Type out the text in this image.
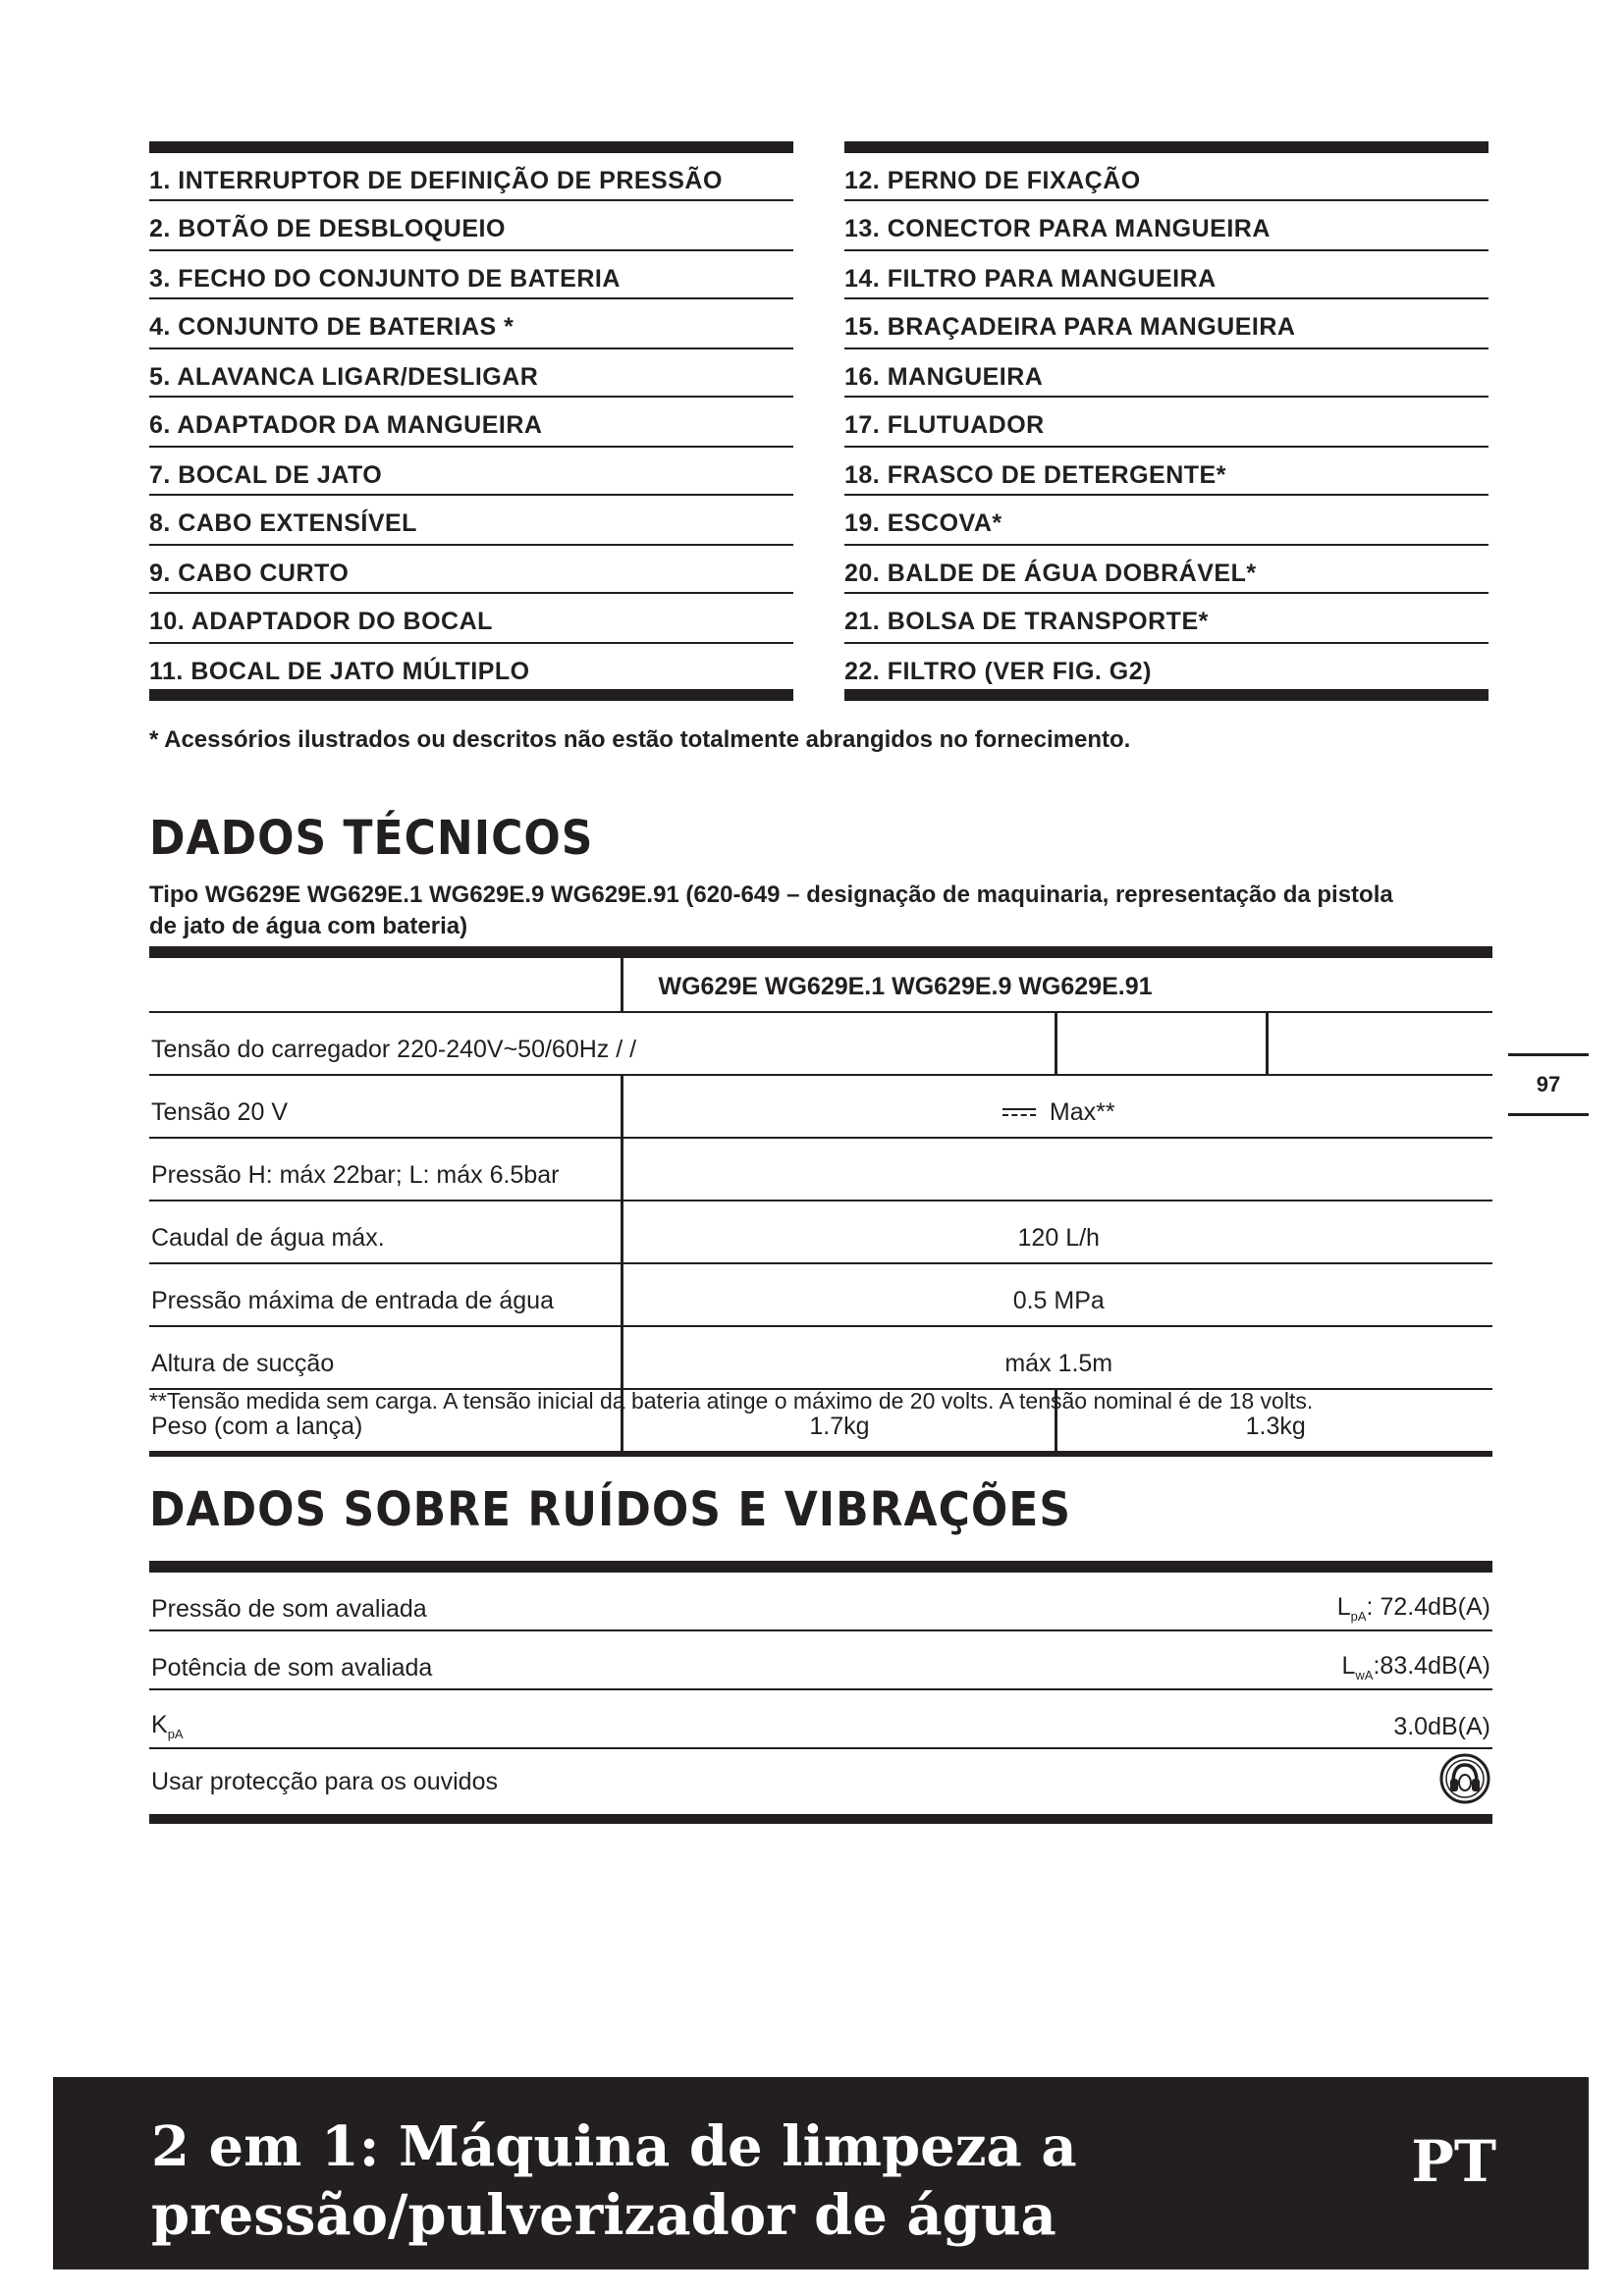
1. INTERRUPTOR DE DEFINIÇÃO DE PRESSÃO
2. BOTÃO DE DESBLOQUEIO
3. FECHO DO CONJUNTO DE BATERIA
4. CONJUNTO DE BATERIAS *
5. ALAVANCA LIGAR/DESLIGAR
6. ADAPTADOR DA MANGUEIRA
7. BOCAL DE JATO
8. CABO EXTENSÍVEL
9. CABO CURTO
10. ADAPTADOR DO BOCAL
11. BOCAL DE JATO MÚLTIPLO
12. PERNO DE FIXAÇÃO
13. CONECTOR PARA MANGUEIRA
14. FILTRO PARA MANGUEIRA
15. BRAÇADEIRA PARA MANGUEIRA
16. MANGUEIRA
17. FLUTUADOR
18. FRASCO DE DETERGENTE*
19. ESCOVA*
20. BALDE DE ÁGUA DOBRÁVEL*
21. BOLSA DE TRANSPORTE*
22. FILTRO (VER FIG. G2)
* Acessórios ilustrados ou descritos não estão totalmente abrangidos no fornecimento.
DADOS TÉCNICOS
Tipo WG629E WG629E.1 WG629E.9 WG629E.91 (620-649 – designação de maquinaria, representação da pistola de jato de água com bateria)
	WG629E WG629E.1 WG629E.9 WG629E.91		
Tensão do carregador 220-240V~50/60Hz / /			
Tensão 20 V	Max**		
Pressão H: máx 22bar; L: máx 6.5bar			
Caudal de água máx.	120 L/h		
Pressão máxima de entrada de água	0.5 MPa		
Altura de sucção	máx 1.5m		
Peso (com a lança)	1.7kg	1.3kg	
**Tensão medida sem carga. A tensão inicial da bateria atinge o máximo de 20 volts. A tensão nominal é de 18 volts.
DADOS SOBRE RUÍDOS E VIBRAÇÕES
Pressão de som avaliada	$L_{pA}$: 72.4dB(A)
Potência de som avaliada	$L_{wA}:83.4dB(A)$
$K_{pA}$	3.0dB(A)
Usar protecção para os ouvidos	
97
2 em 1: Máquina de limpeza a
pressão/pulverizador de água
PT
